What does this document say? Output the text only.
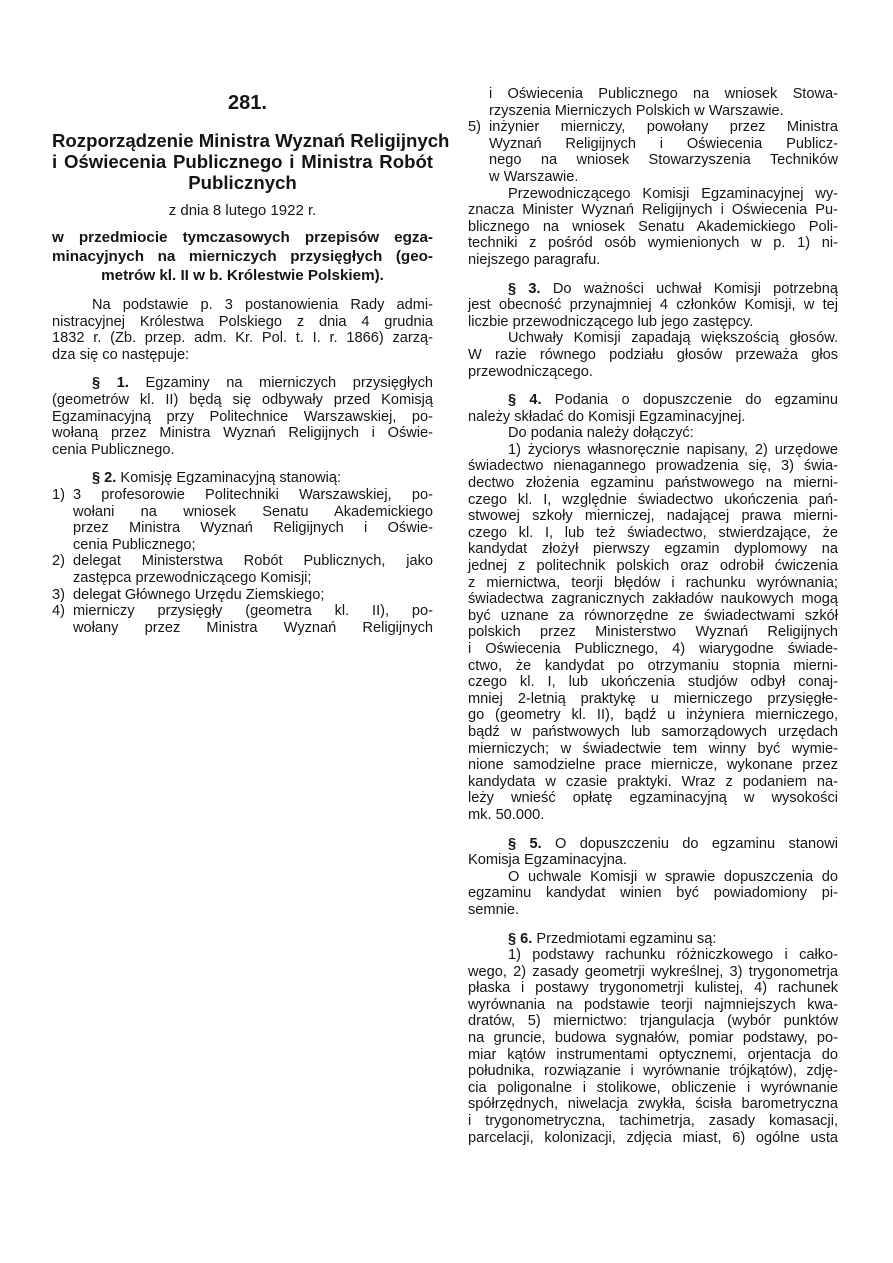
281.
Rozporządzenie Ministra Wyznań Religijnych
i Oświecenia Publicznego i Ministra Robót
Publicznych
z dnia 8 lutego 1922 r.
w przedmiocie tymczasowych przepisów egza-
minacyjnych na mierniczych przysięgłych (geo-
metrów kl. II w b. Królestwie Polskiem).
Na podstawie p. 3 postanowienia Rady admi-
nistracyjnej Królestwa Polskiego z dnia 4 grudnia
1832 r. (Zb. przep. adm. Kr. Pol. t. I. r. 1866) zarzą-
dza się co następuje:
§ 1. Egzaminy na mierniczych przysięgłych
(geometrów kl. II) będą się odbywały przed Komisją
Egzaminacyjną przy Politechnice Warszawskiej, po-
wołaną przez Ministra Wyznań Religijnych i Oświe-
cenia Publicznego.
§ 2. Komisję Egzaminacyjną stanowią:
1) 3 profesorowie Politechniki Warszawskiej, po-
wołani na wniosek Senatu Akademickiego
przez Ministra Wyznań Religijnych i Oświe-
cenia Publicznego;
2) delegat Ministerstwa Robót Publicznych, jako
zastępca przewodniczącego Komisji;
3) delegat Głównego Urzędu Ziemskiego;
4) mierniczy przysięgły (geometra kl. II), po-
wołany przez Ministra Wyznań Religijnych
i Oświecenia Publicznego na wniosek Stowa-
rzyszenia Mierniczych Polskich w Warszawie.
5) inżynier mierniczy, powołany przez Ministra
Wyznań Religijnych i Oświecenia Publicz-
nego na wniosek Stowarzyszenia Techników
w Warszawie.
Przewodniczącego Komisji Egzaminacyjnej wy-
znacza Minister Wyznań Religijnych i Oświecenia Pu-
blicznego na wniosek Senatu Akademickiego Poli-
techniki z pośród osób wymienionych w p. 1) ni-
niejszego paragrafu.
§ 3. Do ważności uchwał Komisji potrzebną
jest obecność przynajmniej 4 członków Komisji, w tej
liczbie przewodniczącego lub jego zastępcy.
Uchwały Komisji zapadają większością głosów.
W razie równego podziału głosów przeważa głos
przewodniczącego.
§ 4. Podania o dopuszczenie do egzaminu
należy składać do Komisji Egzaminacyjnej.
Do podania należy dołączyć:
1) życiorys własnoręcznie napisany, 2) urzędowe
świadectwo nienagannego prowadzenia się, 3) świa-
dectwo złożenia egzaminu państwowego na mierni-
czego kl. I, względnie świadectwo ukończenia pań-
stwowej szkoły mierniczej, nadającej prawa mierni-
czego kl. I, lub też świadectwo, stwierdzające, że
kandydat złożył pierwszy egzamin dyplomowy na
jednej z politechnik polskich oraz odrobił ćwiczenia
z miernictwa, teorji błędów i rachunku wyrównania;
świadectwa zagranicznych zakładów naukowych mogą
być uznane za równorzędne ze świadectwami szkół
polskich przez Ministerstwo Wyznań Religijnych
i Oświecenia Publicznego, 4) wiarygodne świade-
ctwo, że kandydat po otrzymaniu stopnia mierni-
czego kl. I, lub ukończenia studjów odbył conaj-
mniej 2-letnią praktykę u mierniczego przysięgłe-
go (geometry kl. II), bądź u inżyniera mierniczego,
bądź w państwowych lub samorządowych urzędach
mierniczych; w świadectwie tem winny być wymie-
nione samodzielne prace miernicze, wykonane przez
kandydata w czasie praktyki. Wraz z podaniem na-
leży wnieść opłatę egzaminacyjną w wysokości
mk. 50.000.
§ 5. O dopuszczeniu do egzaminu stanowi
Komisja Egzaminacyjna.
O uchwale Komisji w sprawie dopuszczenia do
egzaminu kandydat winien być powiadomiony pi-
semnie.
§ 6. Przedmiotami egzaminu są:
1) podstawy rachunku różniczkowego i całko-
wego, 2) zasady geometrji wykreślnej, 3) trygonometrja
płaska i postawy trygonometrji kulistej, 4) rachunek
wyrównania na podstawie teorji najmniejszych kwa-
dratów, 5) miernictwo: trjangulacja (wybór punktów
na gruncie, budowa sygnałów, pomiar podstawy, po-
miar kątów instrumentami optycznemi, orjentacja do
południka, rozwiązanie i wyrównanie trójkątów), zdję-
cia poligonalne i stolikowe, obliczenie i wyrównanie
spółrzędnych, niwelacja zwykła, ścisła barometryczna
i trygonometryczna, tachimetrja, zasady komasacji,
parcelacji, kolonizacji, zdjęcia miast, 6) ogólne usta
